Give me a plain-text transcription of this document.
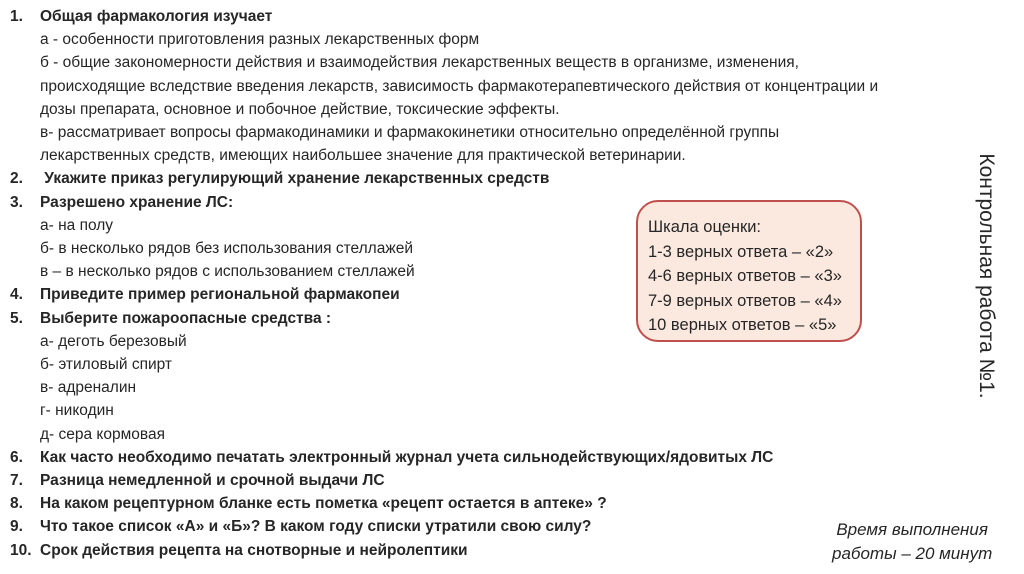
1.	Общая фармакология изучает
а - особенности приготовления разных лекарственных форм
б - общие закономерности действия и взаимодействия лекарственных веществ в организме, изменения,
происходящие вследствие введения лекарств, зависимость фармакотерапевтического действия от концентрации и
дозы препарата, основное и побочное действие, токсические эффекты.
в- рассматривает вопросы фармакодинамики и фармакокинетики относительно определённой группы
лекарственных средств, имеющих наибольшее значение для практической ветеринарии.
2.	Укажите приказ регулирующий хранение лекарственных средств
3.	Разрешено хранение ЛС:
а- на полу
б- в несколько рядов без использования стеллажей
в – в несколько рядов с использованием стеллажей
4.	Приведите пример региональной фармакопеи
5.	Выберите пожароопасные средства :
а- деготь березовый
б- этиловый спирт
в- адреналин
г- никодин
д- сера кормовая
6.	Как часто необходимо печатать электронный журнал учета сильнодействующих/ядовитых ЛС
7.	Разница немедленной и срочной выдачи ЛС
8.	На каком рецептурном бланке есть пометка «рецепт остается в аптеке» ?
9.	Что такое список «А» и «Б»? В каком году списки утратили свою силу?
10. Срок действия рецепта на снотворные и нейролептики
Шкала оценки:
1-3 верных ответа – «2»
4-6 верных ответов – «3»
7-9 верных ответов – «4»
10 верных ответов – «5»	Контрольная работа №1.
Время выполнения
работы – 20 минут
